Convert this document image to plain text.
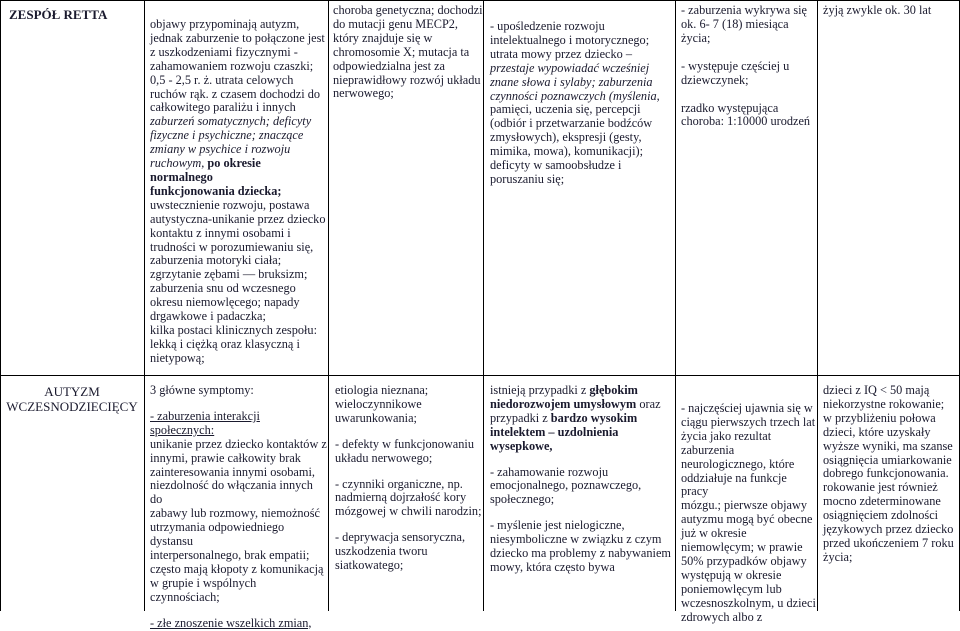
ZESPÓŁ RETTA

objawy przypominają autyzm,

jednak zaburzenie to połączone jest

z uszkodzeniami fizycznymi -

zahamowaniem rozwoju czaszki;

0,5 - 2,5 r. ż. utrata celowych

ruchów rąk. z czasem dochodzi do

całkowitego paraliżu i innych

zaburzeń somatycznych; deficyty

fizyczne i psychiczne; znaczące

zmiany w psychice i rozwoju

ruchowym, po okresie normalnego

funkcjonowania dziecka;

uwstecznienie rozwoju, postawa

autystyczna-unikanie przez dziecko

kontaktu z innymi osobami i

trudności w porozumiewaniu się,

zaburzenia motoryki ciała;

zgrzytanie zębami — bruksizm;

zaburzenia snu od wczesnego

okresu niemowlęcego; napady

drgawkowe i padaczka;

kilka postaci klinicznych zespołu:

lekką i ciężką oraz klasyczną i

nietypową;

choroba genetyczna; dochodzi

do mutacji genu MECP2,

który znajduje się w

chromosomie X; mutacja ta

odpowiedzialna jest za

nieprawidłowy rozwój układu

nerwowego;

- upośledzenie rozwoju

intelektualnego i motorycznego;

utrata mowy przez dziecko –

przestaje wypowiadać wcześniej

znane słowa i sylaby; zaburzenia

czynności poznawczych (myślenia,

pamięci, uczenia się, percepcji

(odbiór i przetwarzanie bodźców

zmysłowych), ekspresji (gesty,

mimika, mowa), komunikacji);

deficyty w samoobsłudze i

poruszaniu się;

- zaburzenia wykrywa się

ok. 6- 7 (18) miesiąca

życia;

- występuje częściej u

dziewczynek;

rzadko występująca

choroba: 1:10000 urodzeń

żyją zwykle ok. 30 lat

AUTYZM

WCZESNODZIECIĘCY

3 główne symptomy:

- zaburzenia interakcji społecznych:

unikanie przez dziecko kontaktów z

innymi, prawie całkowity brak

zainteresowania innymi osobami,

niezdolność do włączania innych do

zabawy lub rozmowy, niemożność

utrzymania odpowiedniego dystansu

interpersonalnego, brak empatii;

często mają kłopoty z komunikacją

w grupie i wspólnych czynnościach;

- złe znoszenie wszelkich zmian,

etiologia nieznana;

wieloczynnikowe

uwarunkowania;

- defekty w funkcjonowaniu

układu nerwowego;

- czynniki organiczne, np.

nadmierną dojrzałość kory

mózgowej w chwili narodzin;

- deprywacja sensoryczna,

uszkodzenia tworu

siatkowatego;

istnieją przypadki z głębokim

niedorozwojem umysłowym oraz

przypadki z bardzo wysokim

intelektem – uzdolnienia

wysepkowe,

- zahamowanie rozwoju

emocjonalnego, poznawczego,

społecznego;

- myślenie jest nielogiczne,

niesymboliczne w związku z czym

dziecko ma problemy z nabywaniem

mowy, która często bywa

- najczęściej ujawnia się w

ciągu pierwszych trzech lat

życia jako rezultat

zaburzenia

neurologicznego, które

oddziałuje na funkcje pracy

mózgu.; pierwsze objawy

autyzmu mogą być obecne

już w okresie

niemowlęcym; w prawie

50% przypadków objawy

występują w okresie

poniemowlęcym lub

wczesnoszkolnym, u dzieci

zdrowych albo z

dzieci z IQ < 50 mają

niekorzystne rokowanie;

w przybliżeniu połowa

dzieci, które uzyskały

wyższe wyniki, ma szanse

osiągnięcia umiarkowanie

dobrego funkcjonowania.

rokowanie jest również

mocno zdeterminowane

osiągnięciem zdolności

językowych przez dziecko

przed ukończeniem 7 roku

życia;
